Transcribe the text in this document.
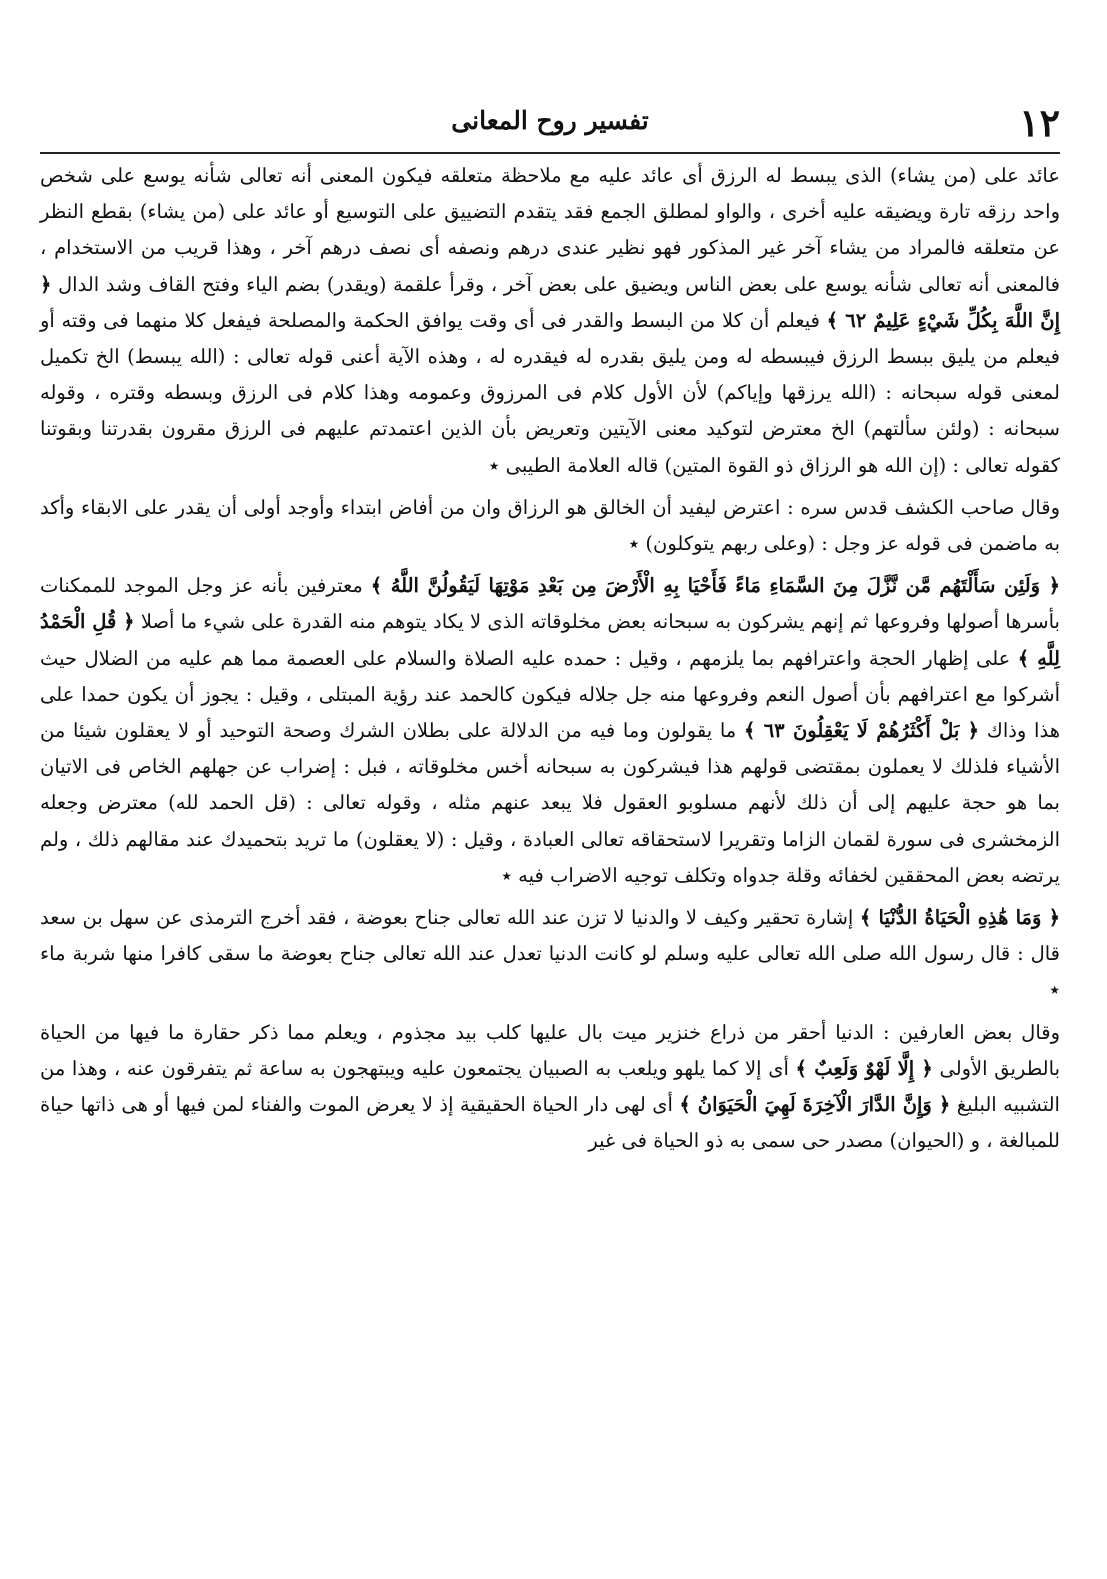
١٢
تفسير روح المعانى

عائد على (من يشاء) الذى يبسط له الرزق أى عائد عليه مع ملاحظة متعلقه فيكون المعنى أنه تعالى شأنه يوسع على شخص واحد رزقه تارة ويضيقه عليه أخرى ، والواو لمطلق الجمع فقد يتقدم التضييق على التوسيع أو عائد على (من يشاء) بقطع النظر عن متعلقه فالمراد من يشاء آخر غير المذكور فهو نظير عندى درهم ونصفه أى نصف درهم آخر ، وهذا قريب من الاستخدام ، فالمعنى أنه تعالى شأنه يوسع على بعض الناس ويضيق على بعض آخر ، وقرأ علقمة (ويقدر) بضم الياء وفتح القاف وشد الدال ﴿ إِنَّ اللَّهَ بِكُلِّ شَيْءٍ عَلِيمٌ ٦٢ ﴾ فيعلم أن كلا من البسط والقدر فى أى وقت يوافق الحكمة والمصلحة فيفعل كلا منهما فى وقته أو فيعلم من يليق ببسط الرزق فيبسطه له ومن يليق بقدره له فيقدره له ، وهذه الآية أعنى قوله تعالى : (الله يبسط) الخ تكميل لمعنى قوله سبحانه : (الله يرزقها وإياكم) لأن الأول كلام فى المرزوق وعمومه وهذا كلام فى الرزق وبسطه وقتره ، وقوله سبحانه : (ولئن سألتهم) الخ معترض لتوكيد معنى الآيتين وتعريض بأن الذين اعتمدتم عليهم فى الرزق مقرون بقدرتنا وبقوتنا كقوله تعالى : (إن الله هو الرزاق ذو القوة المتين) قاله العلامة الطيبى ٭

وقال صاحب الكشف قدس سره : اعترض ليفيد أن الخالق هو الرزاق وان من أفاض ابتداء وأوجد أولى أن يقدر على الابقاء وأكد به ماضمن فى قوله عز وجل : (وعلى ربهم يتوكلون) ٭

﴿ وَلَئِن سَأَلْتَهُم مَّن نَّزَّلَ مِنَ السَّمَاءِ مَاءً فَأَحْيَا بِهِ الْأَرْضَ مِن بَعْدِ مَوْتِهَا لَيَقُولُنَّ اللَّهُ ﴾ معترفين بأنه عز وجل الموجد للممكنات بأسرها أصولها وفروعها ثم إنهم يشركون به سبحانه بعض مخلوقاته الذى لا يكاد يتوهم منه القدرة على شيء ما أصلا ﴿ قُلِ الْحَمْدُ لِلَّهِ ﴾ على إظهار الحجة واعترافهم بما يلزمهم ، وقيل : حمده عليه الصلاة والسلام على العصمة مما هم عليه من الضلال حيث أشركوا مع اعترافهم بأن أصول النعم وفروعها منه جل جلاله فيكون كالحمد عند رؤية المبتلى ، وقيل : يجوز أن يكون حمدا على هذا وذاك ﴿ بَلْ أَكْثَرُهُمْ لَا يَعْقِلُونَ ٦٣ ﴾ ما يقولون وما فيه من الدلالة على بطلان الشرك وصحة التوحيد أو لا يعقلون شيئا من الأشياء فلذلك لا يعملون بمقتضى قولهم هذا فيشركون به سبحانه أخس مخلوقاته ، فبل : إضراب عن جهلهم الخاص فى الاتيان بما هو حجة عليهم إلى أن ذلك لأنهم مسلوبو العقول فلا يبعد عنهم مثله ، وقوله تعالى : (قل الحمد لله) معترض وجعله الزمخشرى فى سورة لقمان الزاما وتقريرا لاستحقاقه تعالى العبادة ، وقيل : (لا يعقلون) ما تريد بتحميدك عند مقالهم ذلك ، ولم يرتضه بعض المحققين لخفائه وقلة جدواه وتكلف توجيه الاضراب فيه ٭

﴿ وَمَا هَٰذِهِ الْحَيَاةُ الدُّنْيَا ﴾ إشارة تحقير وكيف لا والدنيا لا تزن عند الله تعالى جناح بعوضة ، فقد أخرج الترمذى عن سهل بن سعد قال : قال رسول الله صلى الله تعالى عليه وسلم لو كانت الدنيا تعدل عند الله تعالى جناح بعوضة ما سقى كافرا منها شربة ماء ٭

وقال بعض العارفين : الدنيا أحقر من ذراع خنزير ميت بال عليها كلب بيد مجذوم ، ويعلم مما ذكر حقارة ما فيها من الحياة بالطريق الأولى ﴿ إِلَّا لَهْوٌ وَلَعِبٌ ﴾ أى إلا كما يلهو ويلعب به الصبيان يجتمعون عليه ويبتهجون به ساعة ثم يتفرقون عنه ، وهذا من التشبيه البليغ ﴿ وَإِنَّ الدَّارَ الْآخِرَةَ لَهِيَ الْحَيَوَانُ ﴾ أى لهى دار الحياة الحقيقية إذ لا يعرض الموت والفناء لمن فيها أو هى ذاتها حياة للمبالغة ، و (الحيوان) مصدر حى سمى به ذو الحياة فى غير
